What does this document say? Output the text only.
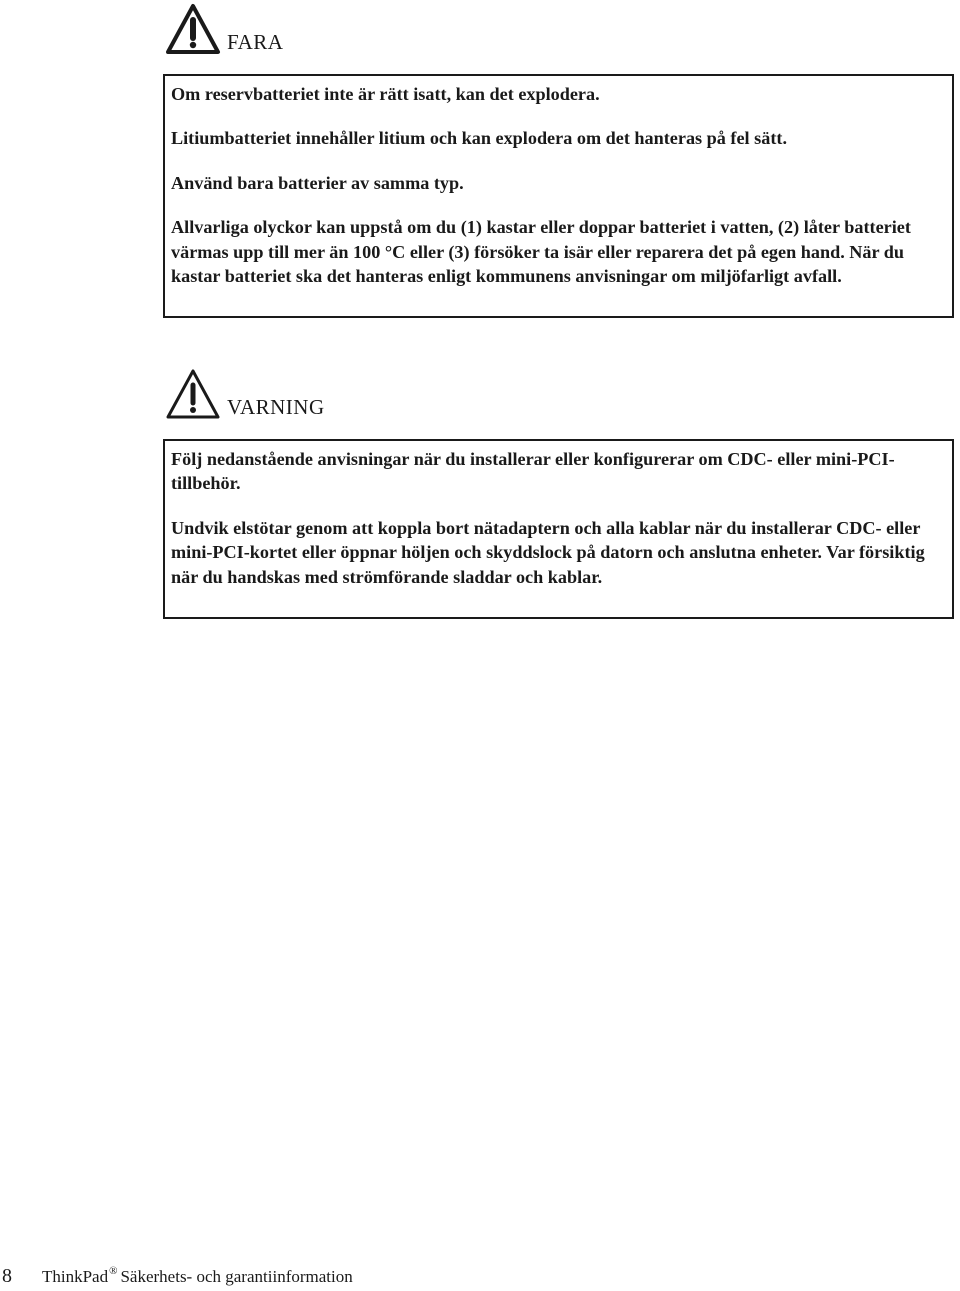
FARA

Om reservbatteriet inte är rätt isatt, kan det explodera.

Litiumbatteriet innehåller litium och kan explodera om det hanteras på fel sätt.

Använd bara batterier av samma typ.

Allvarliga olyckor kan uppstå om du (1) kastar eller doppar batteriet i vatten, (2) låter batteriet värmas upp till mer än 100 °C eller (3) försöker ta isär eller reparera det på egen hand. När du kastar batteriet ska det hanteras enligt kommunens anvisningar om miljöfarligt avfall.

VARNING

Följ nedanstående anvisningar när du installerar eller konfigurerar om CDC- eller mini-PCI-tillbehör.

Undvik elstötar genom att koppla bort nätadaptern och alla kablar när du installerar CDC- eller mini-PCI-kortet eller öppnar höljen och skyddslock på datorn och anslutna enheter. Var försiktig när du handskas med strömförande sladdar och kablar.

8 ThinkPad® Säkerhets- och garantiinformation
